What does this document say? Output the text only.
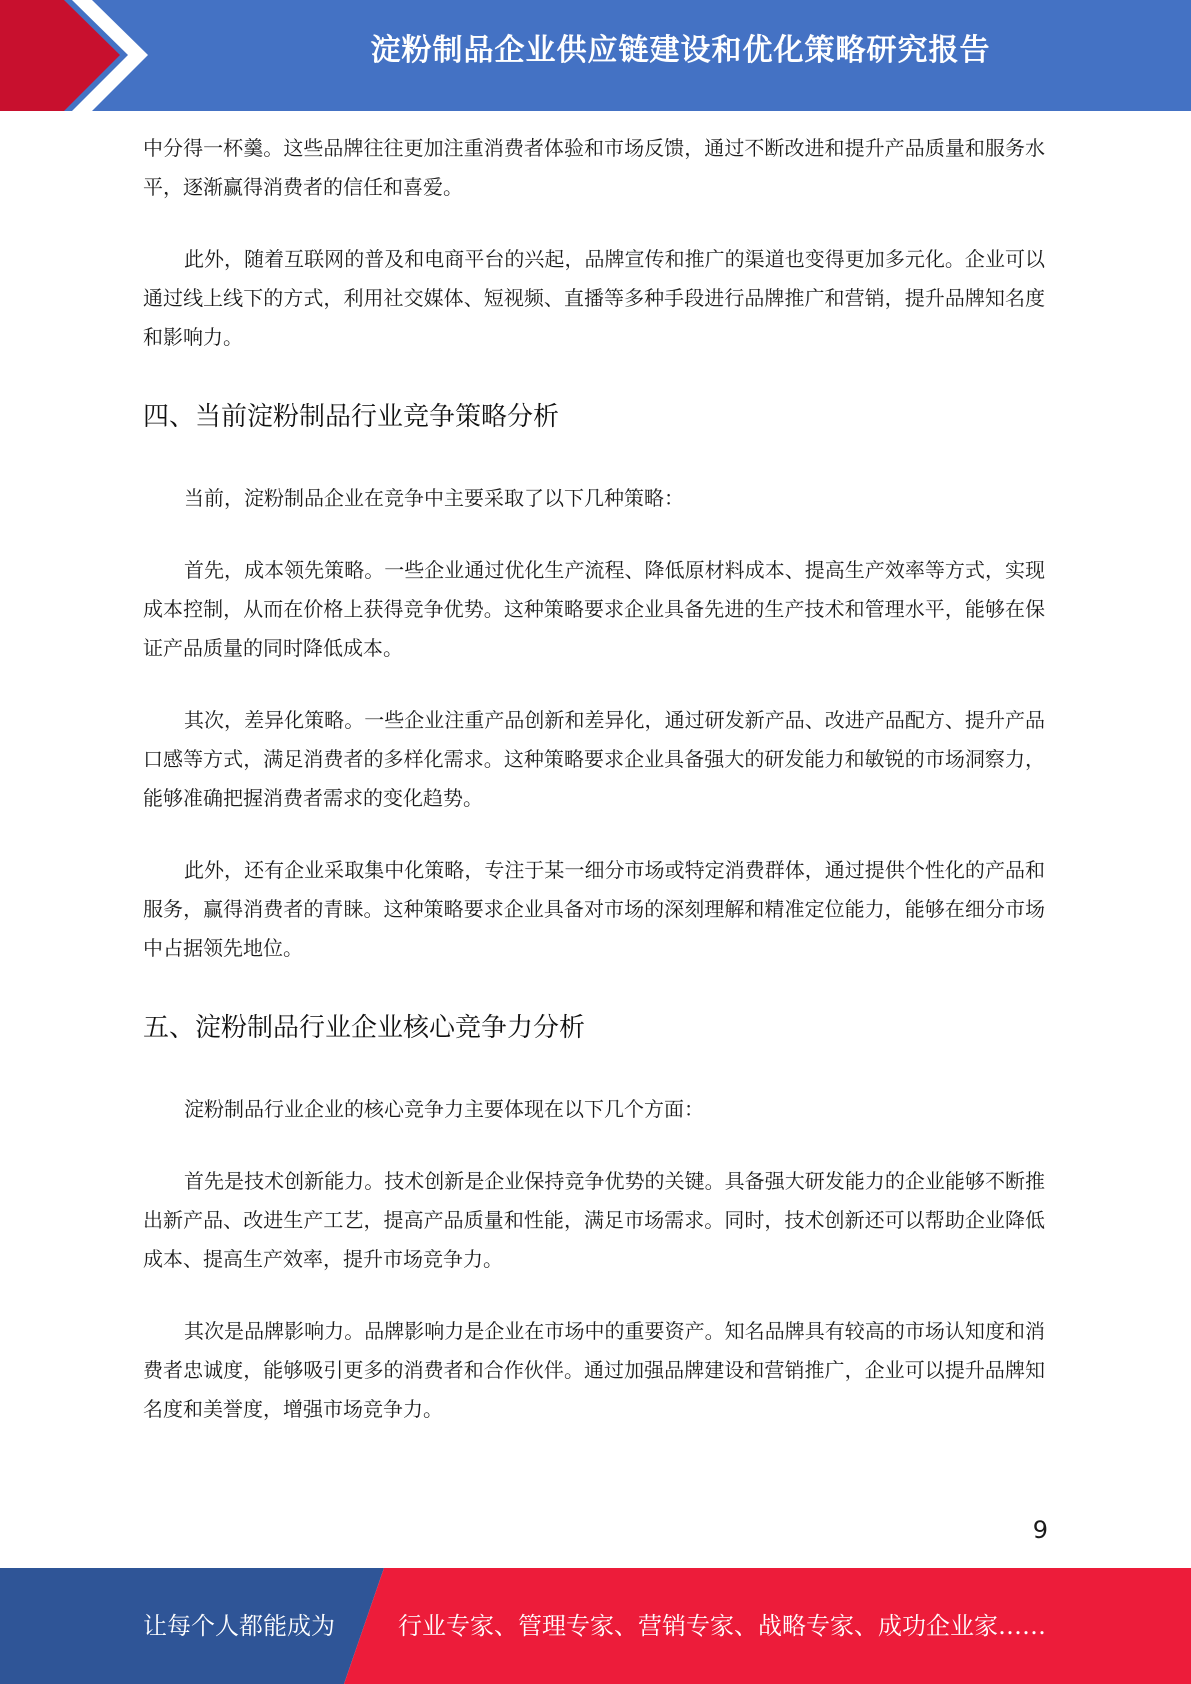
淀粉制品企业供应链建设和优化策略研究报告

中分得一杯羹。这些品牌往往更加注重消费者体验和市场反馈，通过不断改进和提升产品质量和服务水平，逐渐赢得消费者的信任和喜爱。

此外，随着互联网的普及和电商平台的兴起，品牌宣传和推广的渠道也变得更加多元化。企业可以通过线上线下的方式，利用社交媒体、短视频、直播等多种手段进行品牌推广和营销，提升品牌知名度和影响力。

四、当前淀粉制品行业竞争策略分析

当前，淀粉制品企业在竞争中主要采取了以下几种策略：

首先，成本领先策略。一些企业通过优化生产流程、降低原材料成本、提高生产效率等方式，实现成本控制，从而在价格上获得竞争优势。这种策略要求企业具备先进的生产技术和管理水平，能够在保证产品质量的同时降低成本。

其次，差异化策略。一些企业注重产品创新和差异化，通过研发新产品、改进产品配方、提升产品口感等方式，满足消费者的多样化需求。这种策略要求企业具备强大的研发能力和敏锐的市场洞察力，能够准确把握消费者需求的变化趋势。

此外，还有企业采取集中化策略，专注于某一细分市场或特定消费群体，通过提供个性化的产品和服务，赢得消费者的青睐。这种策略要求企业具备对市场的深刻理解和精准定位能力，能够在细分市场中占据领先地位。

五、淀粉制品行业企业核心竞争力分析

淀粉制品行业企业的核心竞争力主要体现在以下几个方面：

首先是技术创新能力。技术创新是企业保持竞争优势的关键。具备强大研发能力的企业能够不断推出新产品、改进生产工艺，提高产品质量和性能，满足市场需求。同时，技术创新还可以帮助企业降低成本、提高生产效率，提升市场竞争力。

其次是品牌影响力。品牌影响力是企业在市场中的重要资产。知名品牌具有较高的市场认知度和消费者忠诚度，能够吸引更多的消费者和合作伙伴。通过加强品牌建设和营销推广，企业可以提升品牌知名度和美誉度，增强市场竞争力。

9
让每个人都能成为	行业专家、管理专家、营销专家、战略专家、成功企业家……
